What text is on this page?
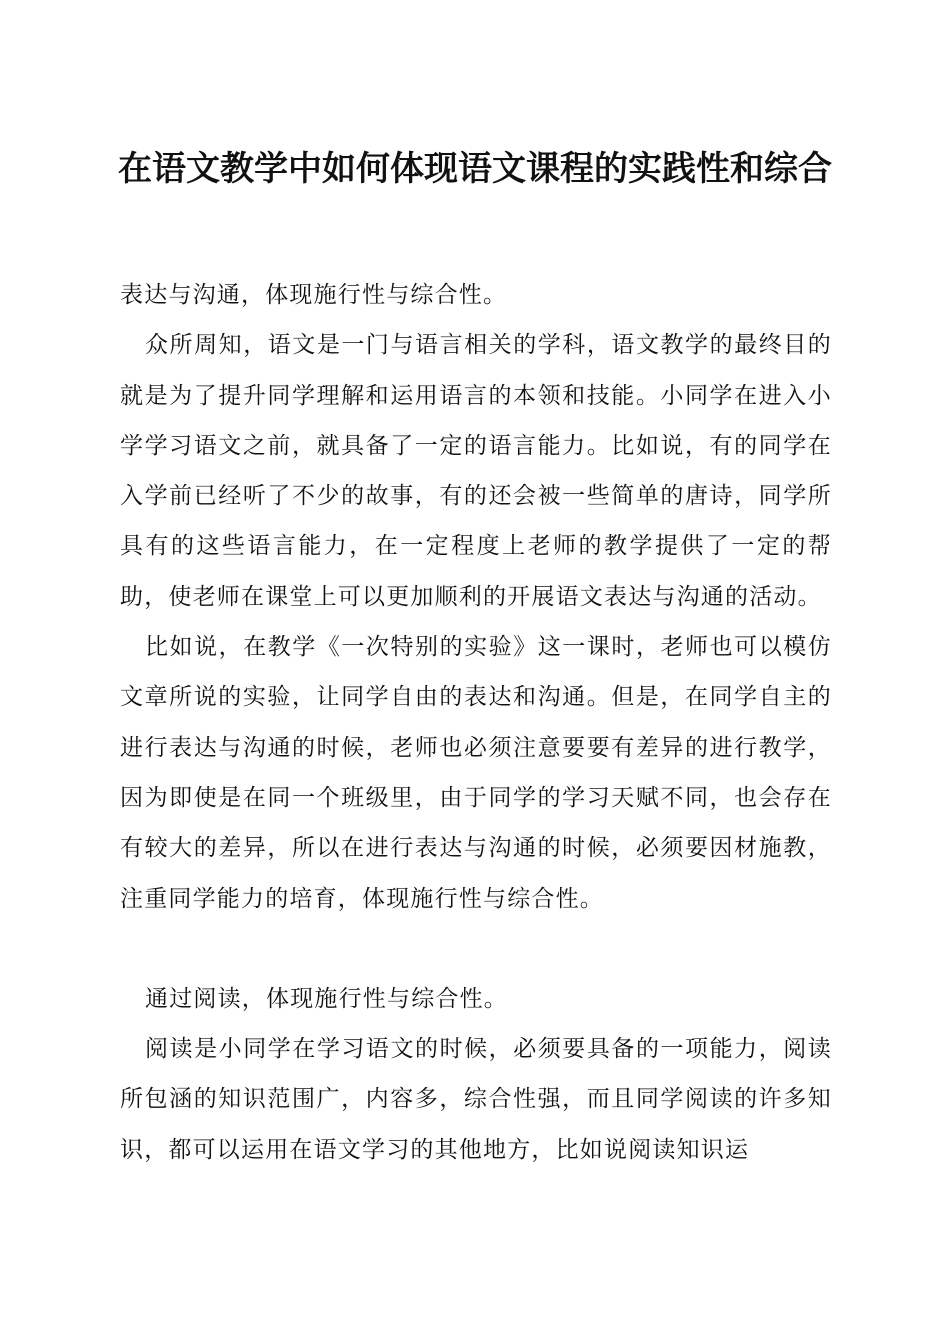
在语文教学中如何体现语文课程的实践性和综合

表达与沟通，体现施行性与综合性。

众所周知，语文是一门与语言相关的学科，语文教学的最终目的就是为了提升同学理解和运用语言的本领和技能。小同学在进入小学学习语文之前，就具备了一定的语言能力。比如说，有的同学在入学前已经听了不少的故事，有的还会被一些简单的唐诗，同学所具有的这些语言能力，在一定程度上老师的教学提供了一定的帮助，使老师在课堂上可以更加顺利的开展语文表达与沟通的活动。

比如说，在教学《一次特别的实验》这一课时，老师也可以模仿文章所说的实验，让同学自由的表达和沟通。但是，在同学自主的进行表达与沟通的时候，老师也必须注意要要有差异的进行教学，因为即使是在同一个班级里，由于同学的学习天赋不同，也会存在有较大的差异，所以在进行表达与沟通的时候，必须要因材施教，注重同学能力的培育，体现施行性与综合性。

通过阅读，体现施行性与综合性。

阅读是小同学在学习语文的时候，必须要具备的一项能力，阅读所包涵的知识范围广，内容多，综合性强，而且同学阅读的许多知识，都可以运用在语文学习的其他地方，比如说阅读知识运
